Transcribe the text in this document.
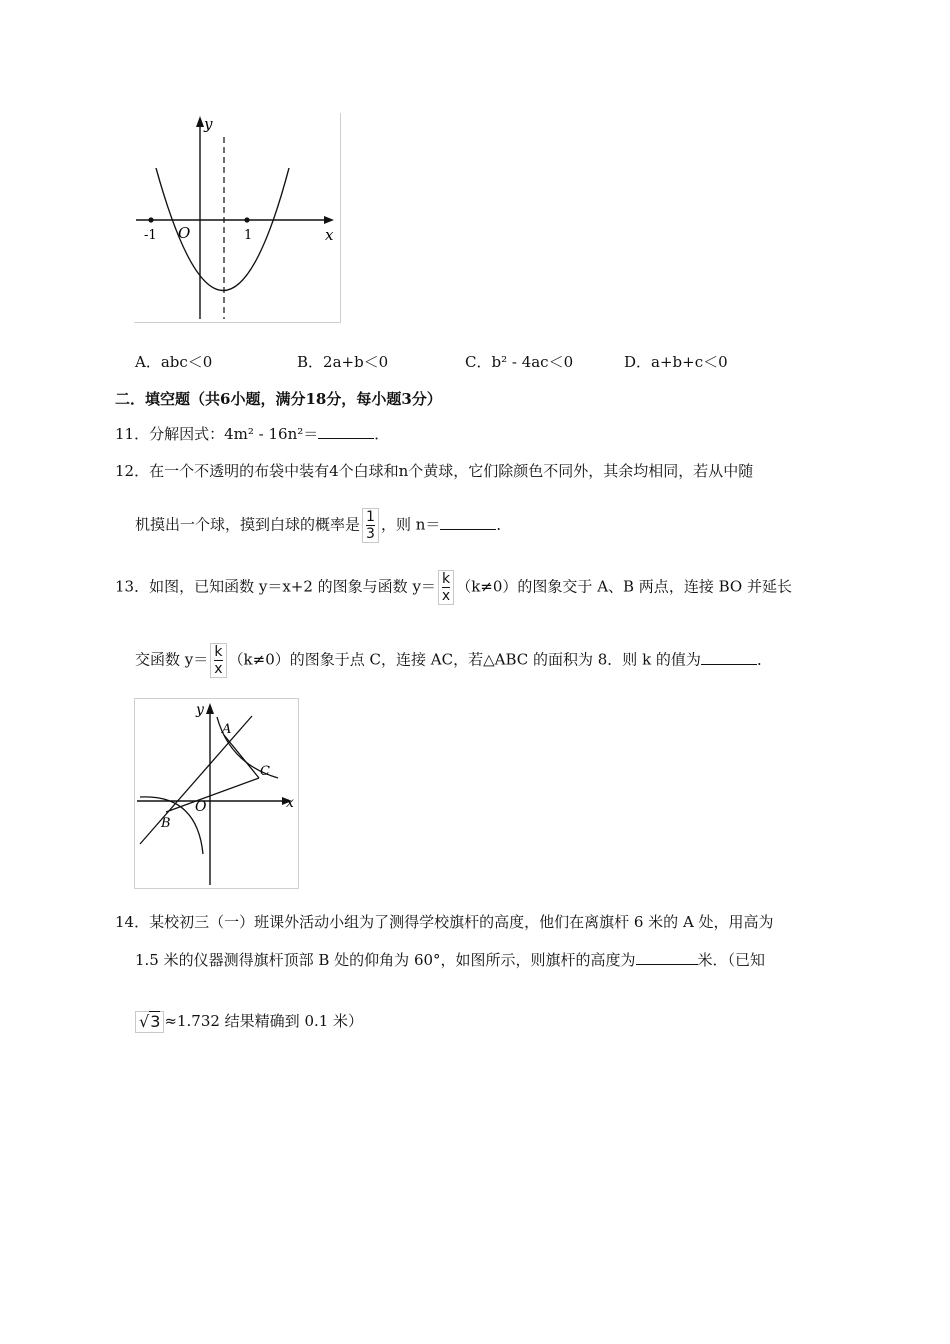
y
x
O
-1	1
A．abc＜0	B．2a+b＜0	C．b² - 4ac＜0	D．a+b+c＜0
二．填空题（共6小题，满分18分，每小题3分）
11．分解因式：4m² - 16n²＝	．
12．在一个不透明的布袋中装有4个白球和n个黄球，它们除颜色不同外，其余均相同，若从中随
机摸出一个球，摸到白球的概率是 $\frac{1}{3}$ ，则 n＝	．
13．如图，已知函数 y＝x+2 的图象与函数 $y= \frac{k}{x} (k\ne 0)$的图象交于 A、B 两点，连接 BO 并延长
交函数 $y= \frac{k}{x} (k\ne 0)$的图象于点 C，连接 AC，若△ABC 的面积为 8．则 k 的值为	．
y
x
O
A
B
C
14．某校初三（一）班课外活动小组为了测得学校旗杆的高度，他们在离旗杆 6 米的 A 处，用高为
1.5 米的仪器测得旗杆顶部 B 处的仰角为 60°，如图所示，则旗杆的高度为	米．（已知
√3 ≈1.732 结果精确到 0.1 米）
